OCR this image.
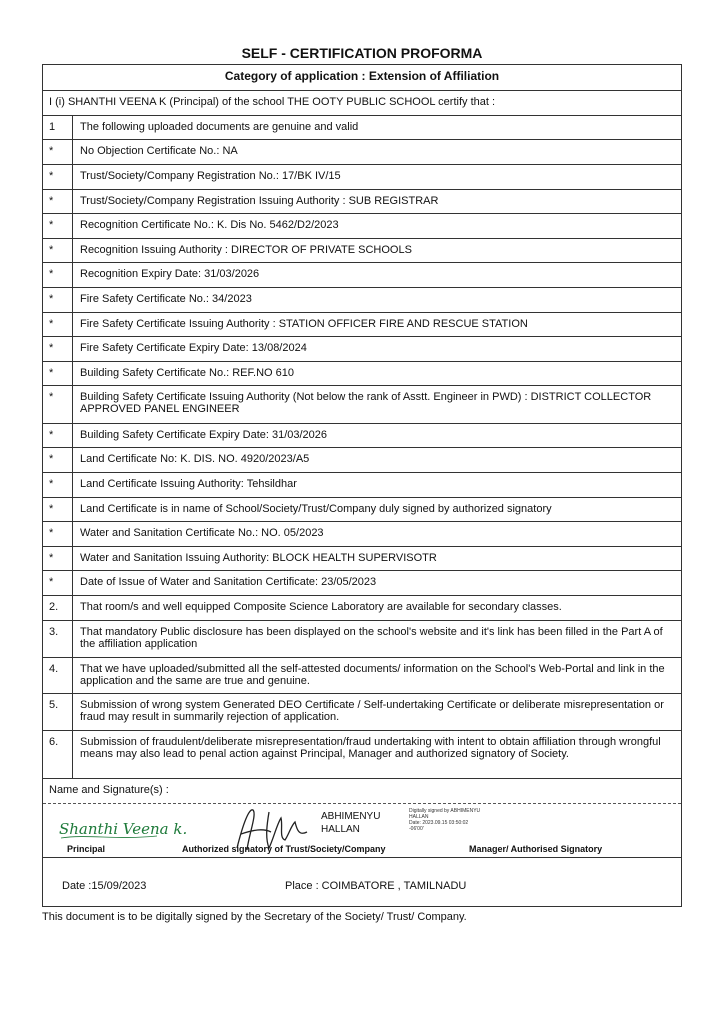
SELF - CERTIFICATION PROFORMA
Category of application : Extension of Affiliation
I (i) SHANTHI VEENA K (Principal) of the school THE OOTY PUBLIC SCHOOL certify that :
1	The following uploaded documents are genuine and valid
*	No Objection Certificate No.: NA
*	Trust/Society/Company Registration No.: 17/BK IV/15
*	Trust/Society/Company Registration Issuing Authority : SUB REGISTRAR
*	Recognition Certificate No.: K. Dis No. 5462/D2/2023
*	Recognition Issuing Authority : DIRECTOR OF PRIVATE SCHOOLS
*	Recognition Expiry Date: 31/03/2026
*	Fire Safety Certificate No.: 34/2023
*	Fire Safety Certificate Issuing Authority : STATION OFFICER FIRE AND RESCUE STATION
*	Fire Safety Certificate Expiry Date: 13/08/2024
*	Building Safety Certificate No.: REF.NO 610
*	Building Safety Certificate Issuing Authority (Not below the rank of Asstt. Engineer in PWD) : DISTRICT COLLECTOR APPROVED PANEL ENGINEER
*	Building Safety Certificate Expiry Date: 31/03/2026
*	Land Certificate No: K. DIS. NO. 4920/2023/A5
*	Land Certificate Issuing Authority: Tehsildhar
*	Land Certificate is in name of School/Society/Trust/Company duly signed by authorized signatory
*	Water and Sanitation Certificate No.: NO. 05/2023
*	Water and Sanitation Issuing Authority: BLOCK HEALTH SUPERVISOTR
*	Date of Issue of Water and Sanitation Certificate: 23/05/2023
2.	That room/s and well equipped Composite Science Laboratory are available for secondary classes.
3.	That mandatory Public disclosure has been displayed on the school's website and it's link has been filled in the Part A of the affiliation application
4.	That we have uploaded/submitted all the self-attested documents/ information on the School's Web-Portal and link in the application and the same are true and genuine.
5.	Submission of wrong system Generated DEO Certificate / Self-undertaking Certificate or deliberate misrepresentation or fraud may result in summarily rejection of application.
6.	Submission of fraudulent/deliberate misrepresentation/fraud undertaking with intent to obtain affiliation through wrongful means may also lead to penal action against Principal, Manager and authorized signatory of Society.
Name and Signature(s) :
Shanthi Veena k.
ABHIMENYU
HALLAN
Digitally signed by ABHIMENYU
HALLAN
Date: 2023.09.15 03:50:02
-06'00'
Principal	Authorized signatory of Trust/Society/Company	Manager/ Authorised Signatory
Date :15/09/2023	Place : COIMBATORE , TAMILNADU
This document is to be digitally signed by the Secretary of the Society/ Trust/ Company.
